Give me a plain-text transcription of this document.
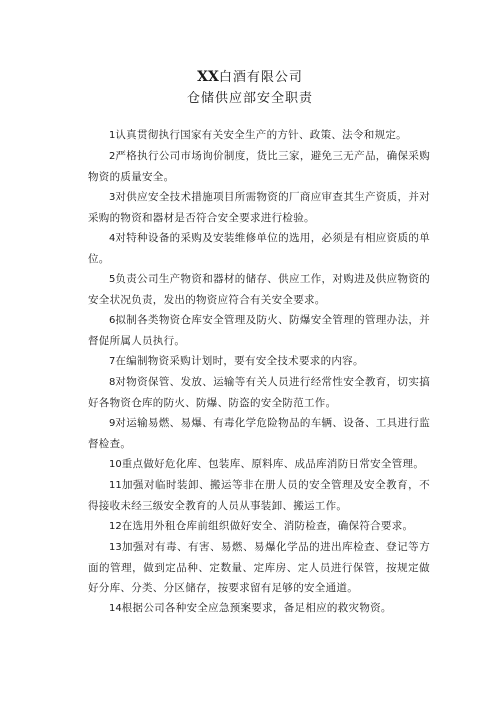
XX白酒有限公司
仓储供应部安全职责

1认真贯彻执行国家有关安全生产的方针、政策、法令和规定。

2严格执行公司市场询价制度，货比三家，避免三无产品，确保采购物资的质量安全。

3对供应安全技术措施项目所需物资的厂商应审查其生产资质，并对采购的物资和器材是否符合安全要求进行检验。

4对特种设备的采购及安装维修单位的选用，必须是有相应资质的单位。

5负责公司生产物资和器材的储存、供应工作，对购进及供应物资的安全状况负责，发出的物资应符合有关安全要求。

6拟制各类物资仓库安全管理及防火、防爆安全管理的管理办法，并督促所属人员执行。

7在编制物资采购计划时，要有安全技术要求的内容。

8对物资保管、发放、运输等有关人员进行经常性安全教育，切实搞好各物资仓库的防火、防爆、防盗的安全防范工作。

9对运输易燃、易爆、有毒化学危险物品的车辆、设备、工具进行监督检查。

10重点做好危化库、包装库、原料库、成品库消防日常安全管理。

11加强对临时装卸、搬运等非在册人员的安全管理及安全教育，不得接收未经三级安全教育的人员从事装卸、搬运工作。

12在选用外租仓库前组织做好安全、消防检查，确保符合要求。

13加强对有毒、有害、易燃、易爆化学品的进出库检查、登记等方面的管理，做到定品种、定数量、定库房、定人员进行保管，按规定做好分库、分类、分区储存，按要求留有足够的安全通道。

14根据公司各种安全应急预案要求，备足相应的救灾物资。
